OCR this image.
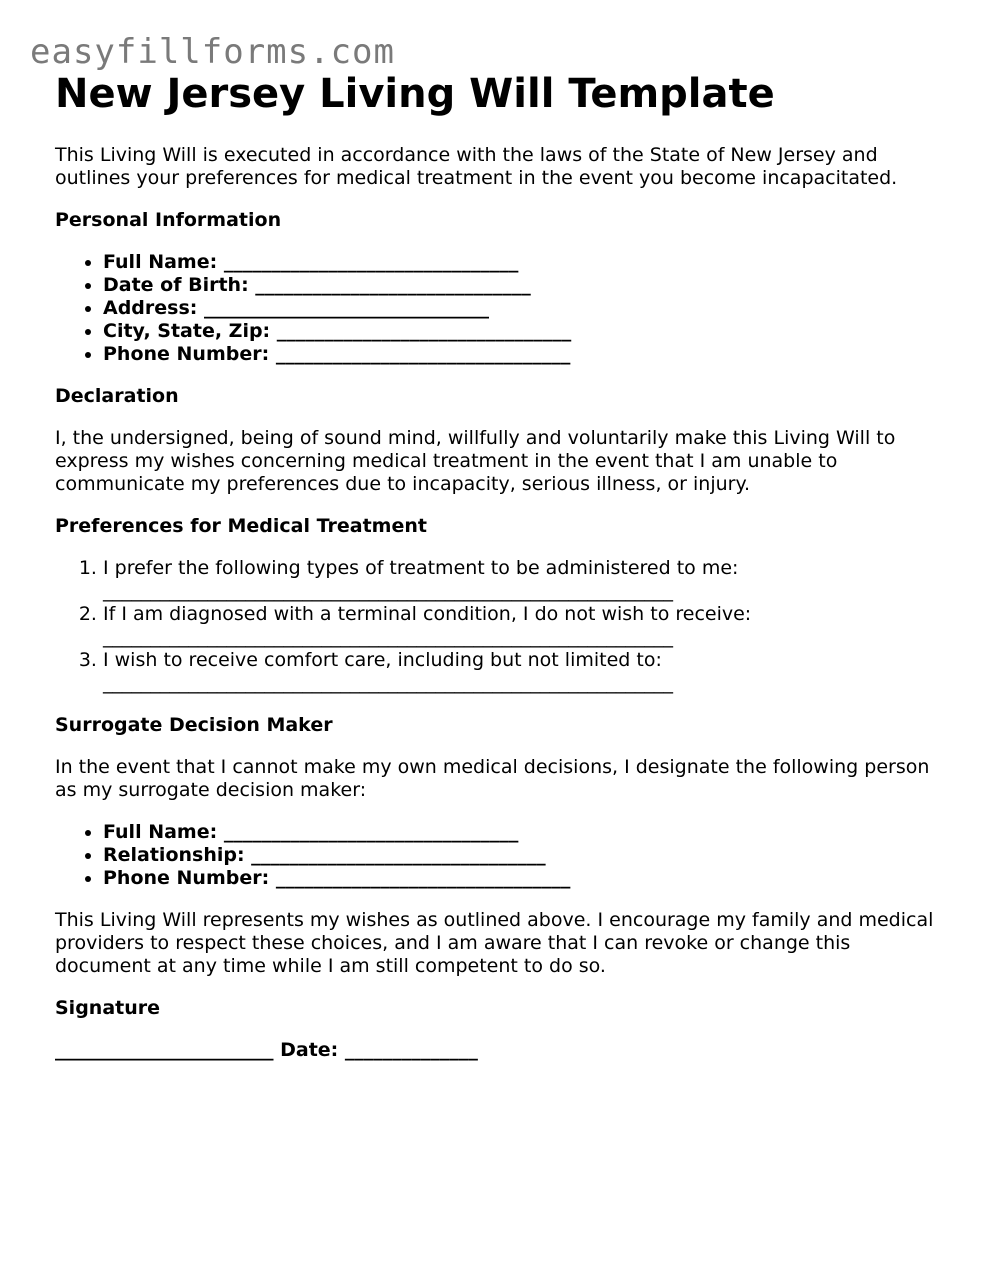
easyfillforms.com
New Jersey Living Will Template

This Living Will is executed in accordance with the laws of the State of New Jersey and outlines your preferences for medical treatment in the event you become incapacitated.

Personal Information
• Full Name: _______________________________
• Date of Birth: _____________________________
• Address: ______________________________
• City, State, Zip: _______________________________
• Phone Number: _______________________________
Declaration

I, the undersigned, being of sound mind, willfully and voluntarily make this Living Will to express my wishes concerning medical treatment in the event that I am unable to communicate my preferences due to incapacity, serious illness, or injury.

Preferences for Medical Treatment
1. I prefer the following types of treatment to be administered to me:
____________________________________________________________
2. If I am diagnosed with a terminal condition, I do not wish to receive:
____________________________________________________________
3. I wish to receive comfort care, including but not limited to:
____________________________________________________________
Surrogate Decision Maker

In the event that I cannot make my own medical decisions, I designate the following person as my surrogate decision maker:

• Full Name: _______________________________
• Relationship: _______________________________
• Phone Number: _______________________________

This Living Will represents my wishes as outlined above. I encourage my family and medical providers to respect these choices, and I am aware that I can revoke or change this document at any time while I am still competent to do so.

Signature
_______________________ Date: ______________
